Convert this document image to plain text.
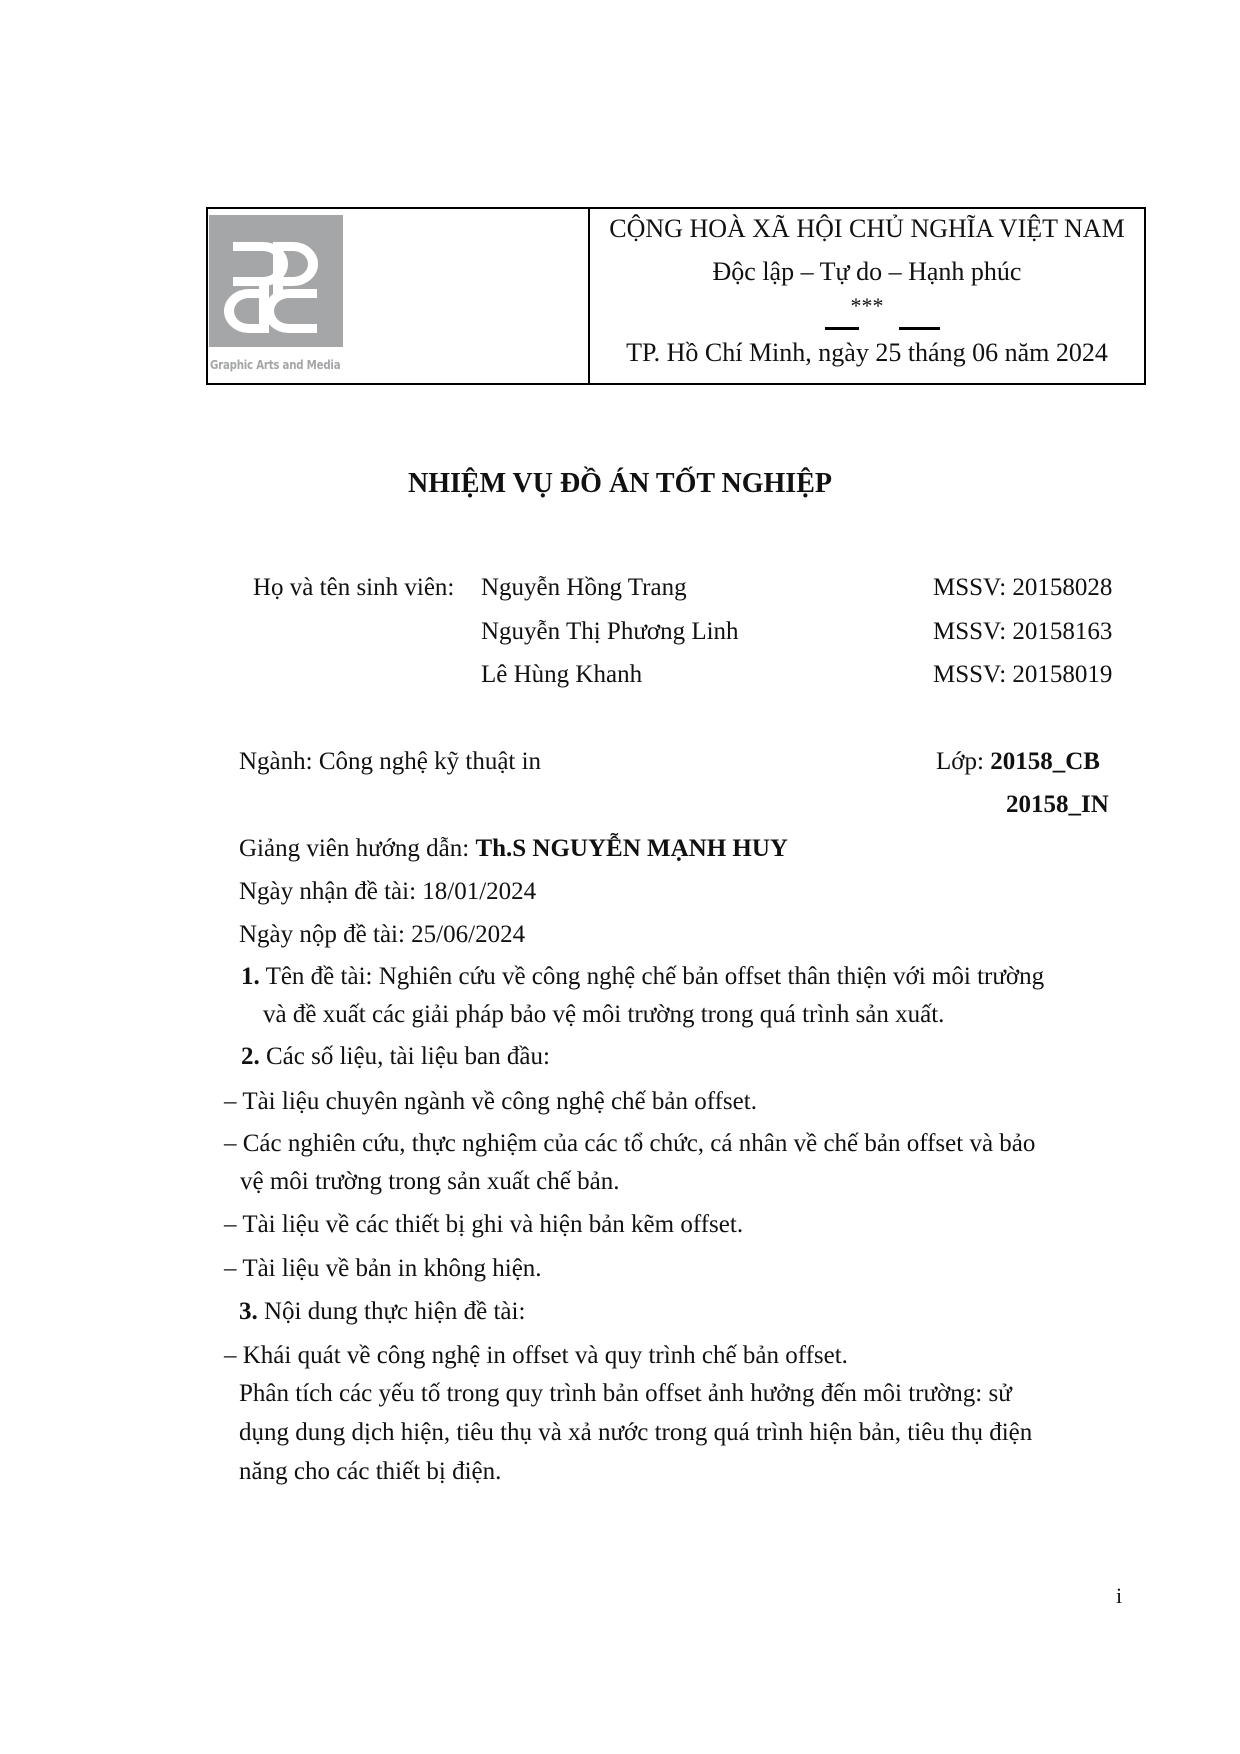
Graphic Arts and Media
CỘNG HOÀ XÃ HỘI CHỦ NGHĨA VIỆT NAM
Độc lập – Tự do – Hạnh phúc
***
TP. Hồ Chí Minh, ngày 25 tháng 06 năm 2024
NHIỆM VỤ ĐỒ ÁN TỐT NGHIỆP
Họ và tên sinh viên: Nguyễn Hồng Trang	MSSV: 20158028
Nguyễn Thị Phương Linh	MSSV: 20158163
Lê Hùng Khanh	MSSV: 20158019
Ngành: Công nghệ kỹ thuật in	Lớp: 20158_CB
20158_IN
Giảng viên hướng dẫn: Th.S NGUYỄN MẠNH HUY
Ngày nhận đề tài: 18/01/2024
Ngày nộp đề tài: 25/06/2024
1. Tên đề tài: Nghiên cứu về công nghệ chế bản offset thân thiện với môi trường
và đề xuất các giải pháp bảo vệ môi trường trong quá trình sản xuất.
2. Các số liệu, tài liệu ban đầu:
– Tài liệu chuyên ngành về công nghệ chế bản offset.
– Các nghiên cứu, thực nghiệm của các tổ chức, cá nhân về chế bản offset và bảo
vệ môi trường trong sản xuất chế bản.
– Tài liệu về các thiết bị ghi và hiện bản kẽm offset.
– Tài liệu về bản in không hiện.
3. Nội dung thực hiện đề tài:
– Khái quát về công nghệ in offset và quy trình chế bản offset.
Phân tích các yếu tố trong quy trình bản offset ảnh hưởng đến môi trường: sử
dụng dung dịch hiện, tiêu thụ và xả nước trong quá trình hiện bản, tiêu thụ điện
năng cho các thiết bị điện.
i
